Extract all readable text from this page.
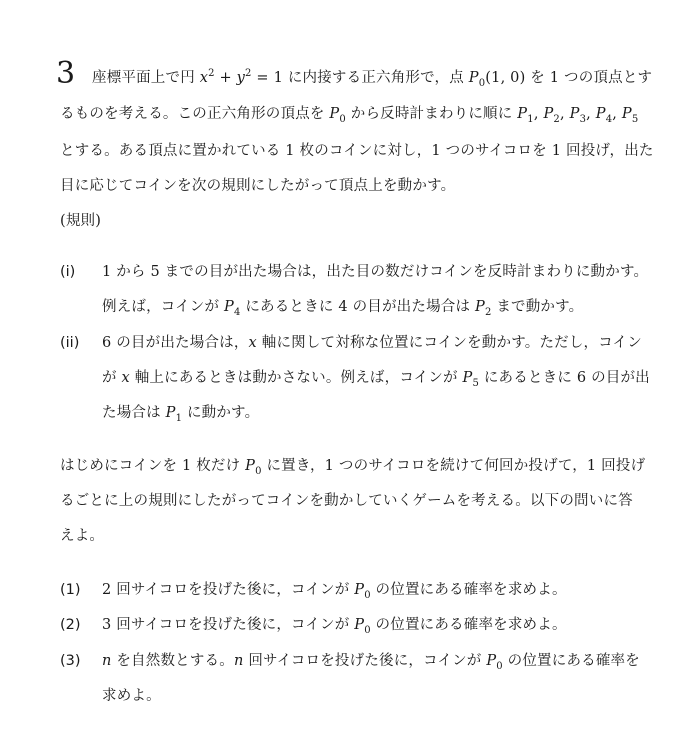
3 座標平面上で円 $x^2 + y^2 = 1$ に内接する正六角形で，点 $P_0(1$, 0) を 1 つの頂点とす
るものを考える。この正六角形の頂点を $P_0$ から反時計まわりに順に $P_1$, $P_2$, $P_3$, $P_4$, $P_5$
とする。ある頂点に置かれている 1 枚のコインに対し，1 つのサイコロを 1 回投げ，出た
目に応じてコインを次の規則にしたがって頂点上を動かす。
(規則)
(i) 1 から 5 までの目が出た場合は，出た目の数だけコインを反時計まわりに動かす。
例えば，コインが $P_4$ にあるときに 4 の目が出た場合は $P_2$ まで動かす。
(ii) 6 の目が出た場合は，x 軸に関して対称な位置にコインを動かす。ただし，コイン
が x 軸上にあるときは動かさない。例えば，コインが $P_5$ にあるときに 6 の目が出
た場合は $P_1$ に動かす。
はじめにコインを 1 枚だけ $P_0$ に置き，1 つのサイコロを続けて何回か投げて，1 回投げ
るごとに上の規則にしたがってコインを動かしていくゲームを考える。以下の問いに答
えよ。
(1) 2 回サイコロを投げた後に，コインが $P_0$ の位置にある確率を求めよ。
(2) 3 回サイコロを投げた後に，コインが $P_0$ の位置にある確率を求めよ。
(3) n を自然数とする。n 回サイコロを投げた後に，コインが $P_0$ の位置にある確率を
求めよ。
